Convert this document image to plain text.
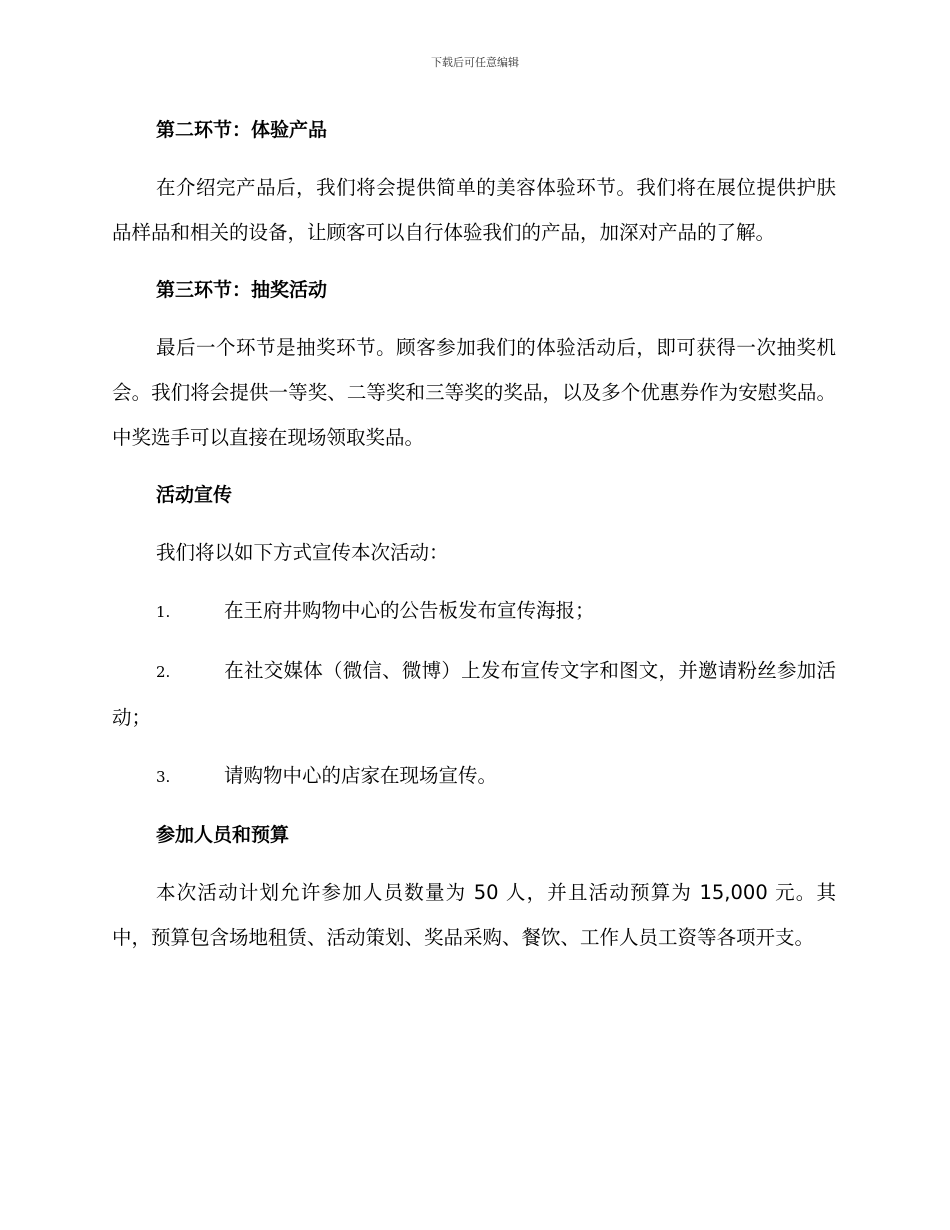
下载后可任意编辑

第二环节：体验产品

在介绍完产品后，我们将会提供简单的美容体验环节。我们将在展位提供护肤品样品和相关的设备，让顾客可以自行体验我们的产品，加深对产品的了解。

第三环节：抽奖活动

最后一个环节是抽奖环节。顾客参加我们的体验活动后，即可获得一次抽奖机会。我们将会提供一等奖、二等奖和三等奖的奖品，以及多个优惠券作为安慰奖品。中奖选手可以直接在现场领取奖品。

活动宣传

我们将以如下方式宣传本次活动：

1.	在王府井购物中心的公告板发布宣传海报；

2.	在社交媒体（微信、微博）上发布宣传文字和图文，并邀请粉丝参加活动；

3.	请购物中心的店家在现场宣传。

参加人员和预算

本次活动计划允许参加人员数量为 50 人，并且活动预算为 15,000 元。其中，预算包含场地租赁、活动策划、奖品采购、餐饮、工作人员工资等各项开支。
